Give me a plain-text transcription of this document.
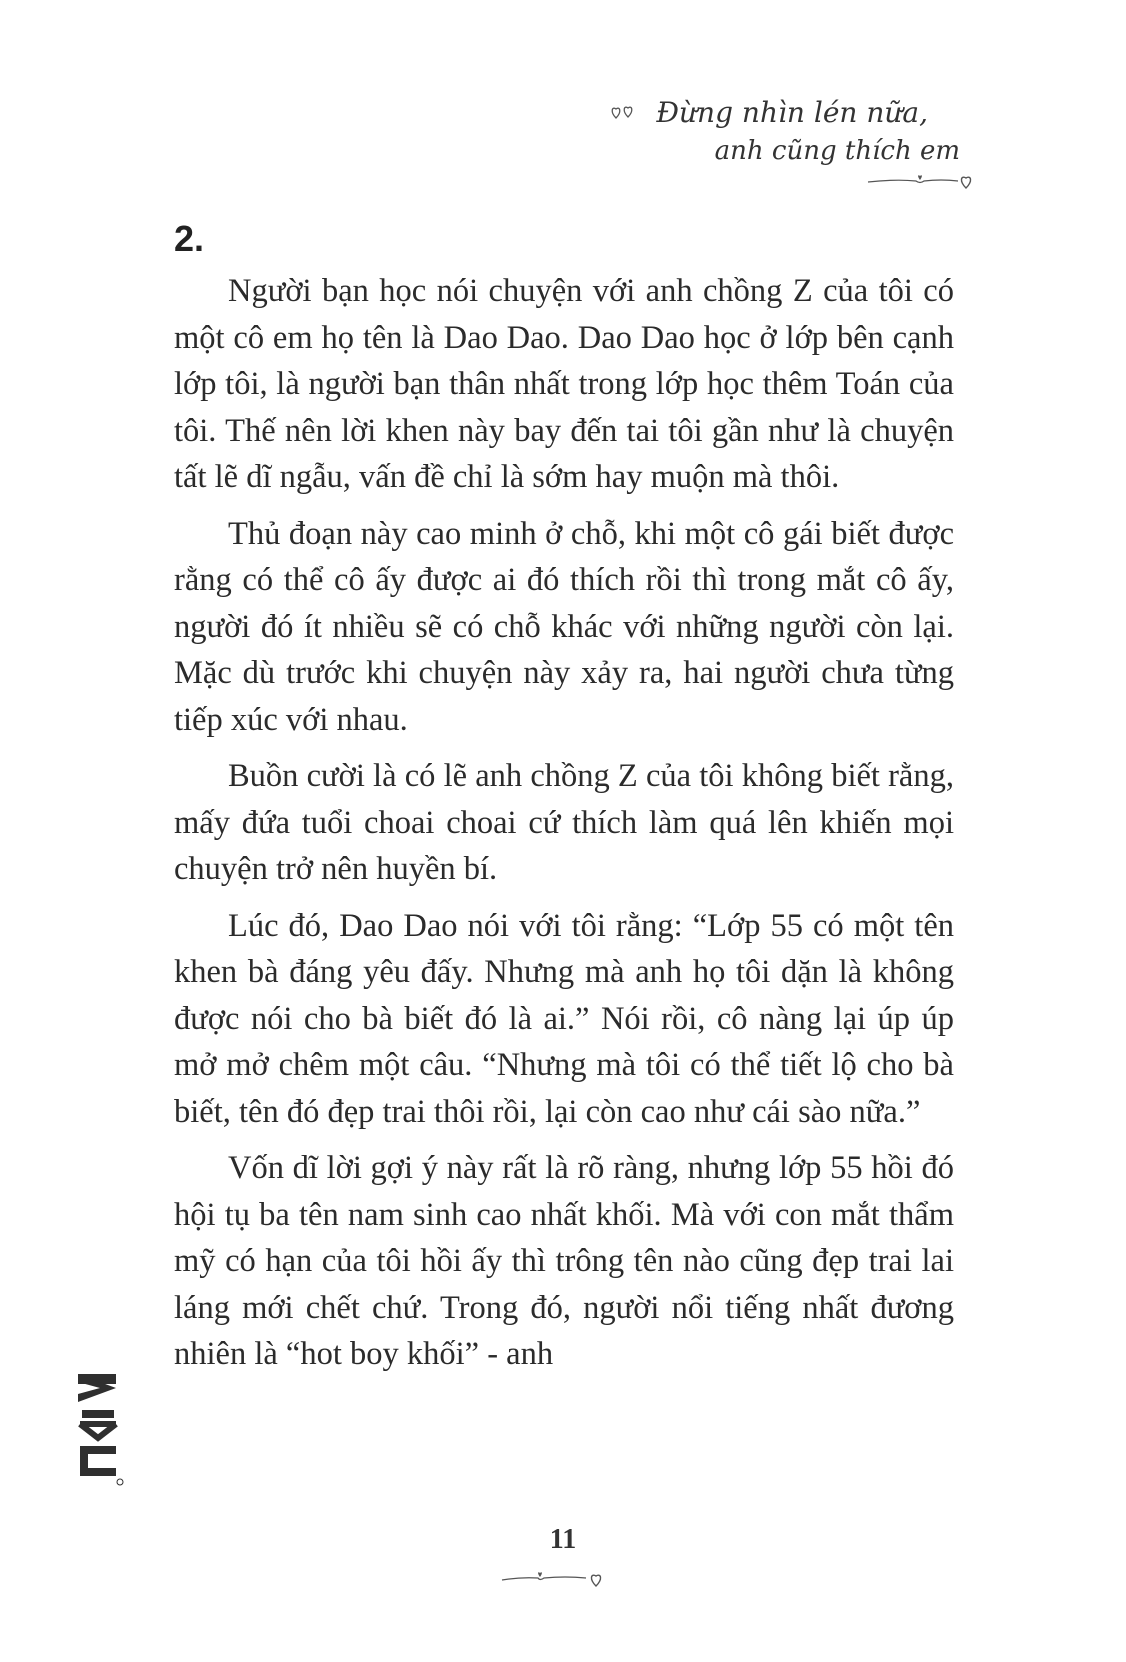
Đừng nhìn lén nữa,
anh cũng thích em
2.

Người bạn học nói chuyện với anh chồng Z của tôi có một cô em họ tên là Dao Dao. Dao Dao học ở lớp bên cạnh lớp tôi, là người bạn thân nhất trong lớp học thêm Toán của tôi. Thế nên lời khen này bay đến tai tôi gần như là chuyện tất lẽ dĩ ngẫu, vấn đề chỉ là sớm hay muộn mà thôi.

Thủ đoạn này cao minh ở chỗ, khi một cô gái biết được rằng có thể cô ấy được ai đó thích rồi thì trong mắt cô ấy, người đó ít nhiều sẽ có chỗ khác với những người còn lại. Mặc dù trước khi chuyện này xảy ra, hai người chưa từng tiếp xúc với nhau.

Buồn cười là có lẽ anh chồng Z của tôi không biết rằng, mấy đứa tuổi choai choai cứ thích làm quá lên khiến mọi chuyện trở nên huyền bí.

Lúc đó, Dao Dao nói với tôi rằng: “Lớp 55 có một tên khen bà đáng yêu đấy. Nhưng mà anh họ tôi dặn là không được nói cho bà biết đó là ai.” Nói rồi, cô nàng lại úp úp mở mở chêm một câu. “Nhưng mà tôi có thể tiết lộ cho bà biết, tên đó đẹp trai thôi rồi, lại còn cao như cái sào nữa.”

Vốn dĩ lời gợi ý này rất là rõ ràng, nhưng lớp 55 hồi đó hội tụ ba tên nam sinh cao nhất khối. Mà với con mắt thẩm mỹ có hạn của tôi hồi ấy thì trông tên nào cũng đẹp trai lai láng mới chết chứ. Trong đó, người nổi tiếng nhất đương nhiên là “hot boy khối” - anh

11
